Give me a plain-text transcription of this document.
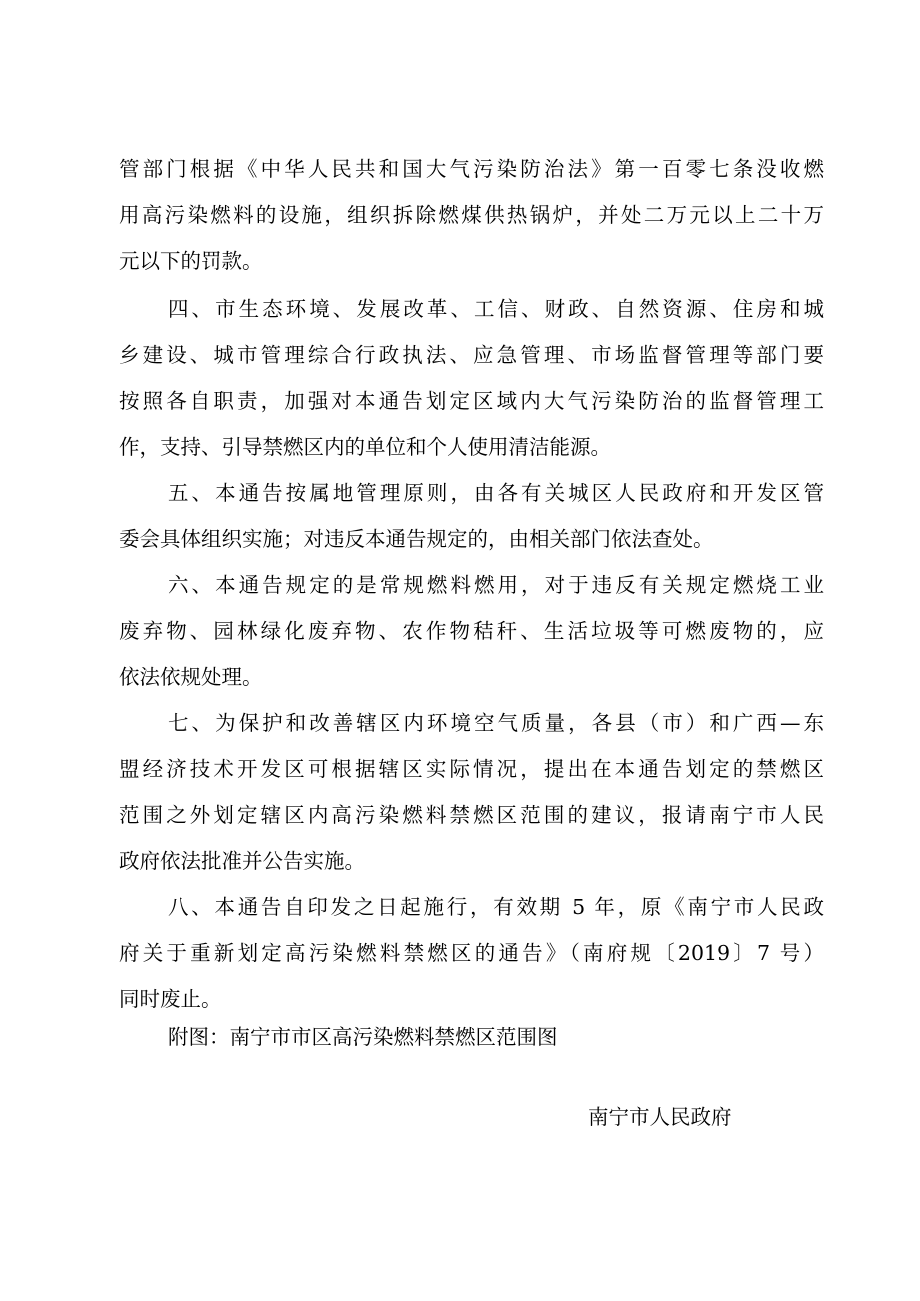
管部门根据《中华人民共和国大气污染防治法》第一百零七条没收燃
用高污染燃料的设施，组织拆除燃煤供热锅炉，并处二万元以上二十万
元以下的罚款。
四、市生态环境、发展改革、工信、财政、自然资源、住房和城
乡建设、城市管理综合行政执法、应急管理、市场监督管理等部门要
按照各自职责，加强对本通告划定区域内大气污染防治的监督管理工
作，支持、引导禁燃区内的单位和个人使用清洁能源。
五、本通告按属地管理原则，由各有关城区人民政府和开发区管
委会具体组织实施；对违反本通告规定的，由相关部门依法查处。
六、本通告规定的是常规燃料燃用，对于违反有关规定燃烧工业
废弃物、园林绿化废弃物、农作物秸秆、生活垃圾等可燃废物的，应
依法依规处理。
七、为保护和改善辖区内环境空气质量，各县（市）和广西—东
盟经济技术开发区可根据辖区实际情况，提出在本通告划定的禁燃区
范围之外划定辖区内高污染燃料禁燃区范围的建议，报请南宁市人民
政府依法批准并公告实施。
八、本通告自印发之日起施行，有效期 5 年，原《南宁市人民政
府关于重新划定高污染燃料禁燃区的通告》（南府规〔2019〕7 号）
同时废止。
附图：南宁市市区高污染燃料禁燃区范围图
南宁市人民政府
